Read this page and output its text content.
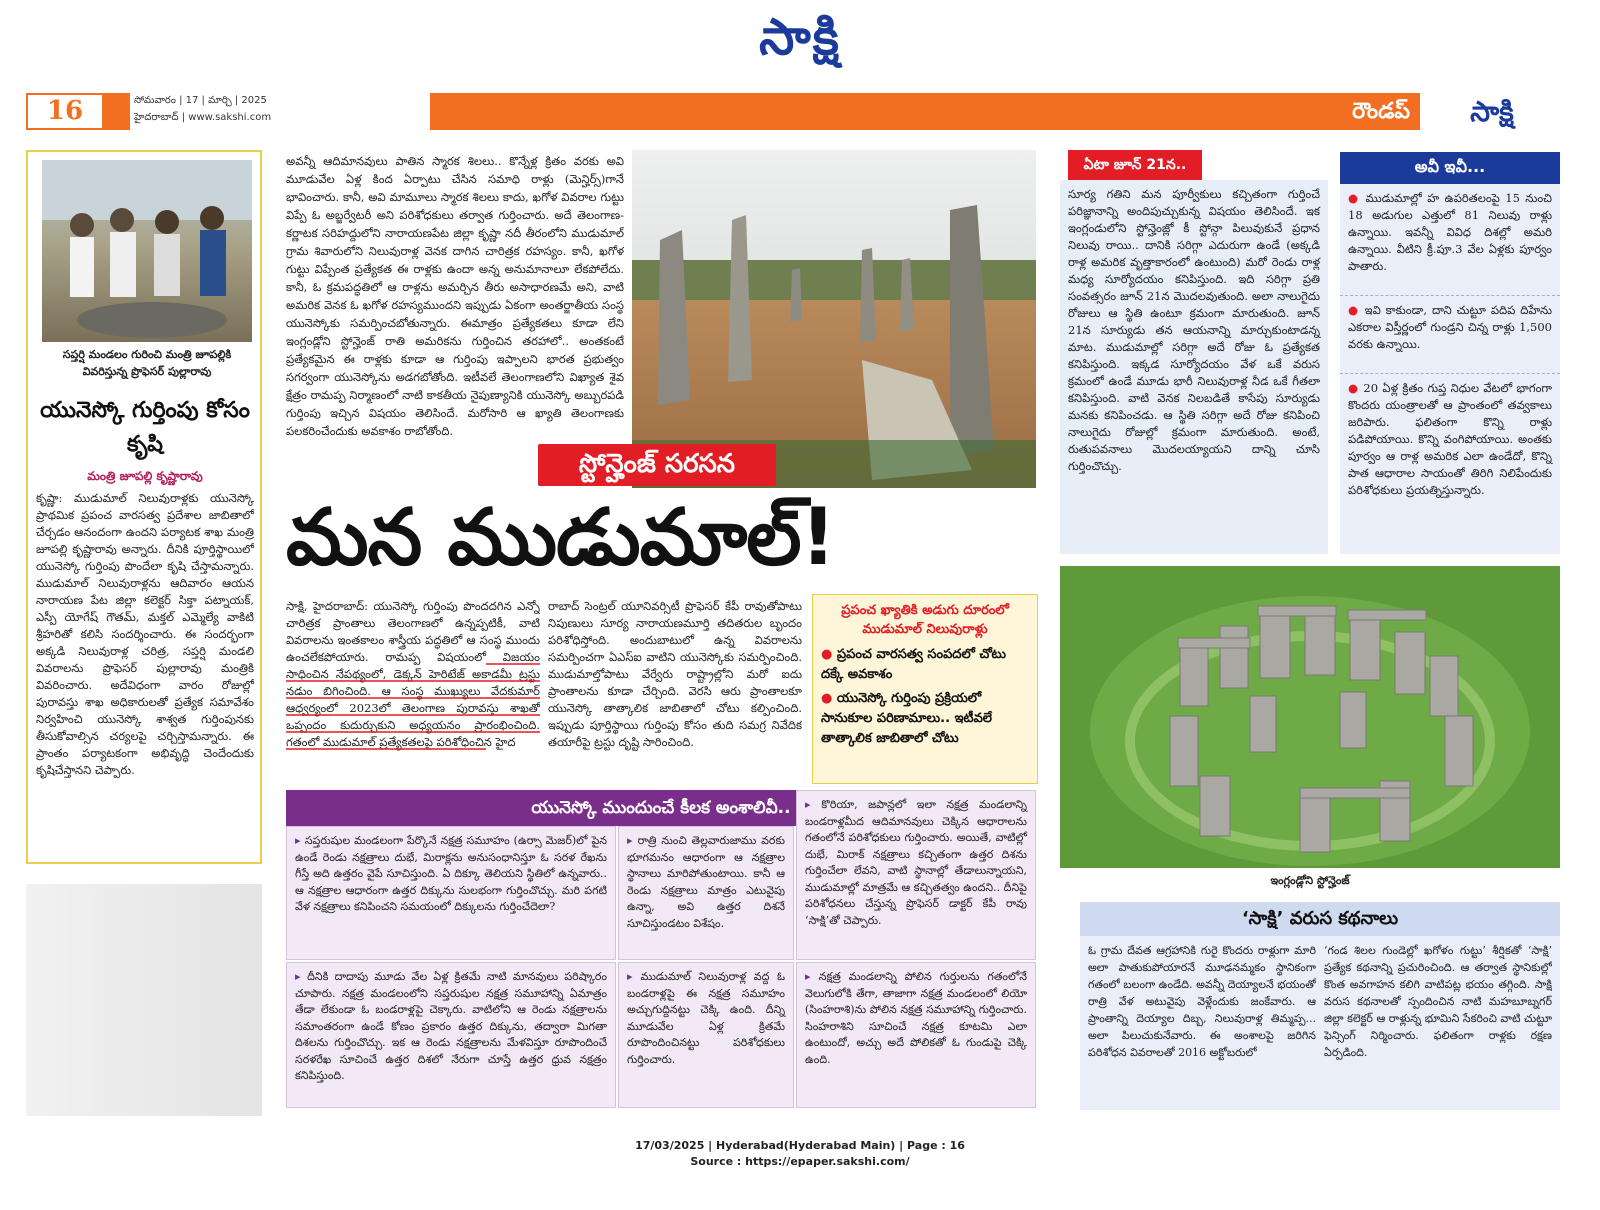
సాక్షి
16	సోమవారం | 17 | మార్చి | 2025
హైదరాబాద్ | www.sakshi.com	రౌండప్	సాక్షి
సప్తర్షి మండలం గురించి మంత్రి జూపల్లికి వివరిస్తున్న ప్రొఫెసర్ పుల్లారావు
యునెస్కో గుర్తింపు కోసం కృషి
మంత్రి జూపల్లి కృష్ణారావు
కృష్ణా: ముడుమాల్ నిలువురాళ్లకు యునెస్కో ప్రాథమిక ప్రపంచ వారసత్వ ప్రదేశాల జాబితాలో చేర్చడం ఆనందంగా ఉందని పర్యాటక శాఖ మంత్రి జూపల్లి కృష్ణారావు అన్నారు. దీనికి పూర్తిస్థాయిలో యునెస్కో గుర్తింపు పొందేలా కృషి చేస్తామన్నారు. ముడుమాల్ నిలువురాళ్లను ఆదివారం ఆయన నారాయణ పేట జిల్లా కలెక్టర్ సిక్తా పట్నాయక్, ఎస్పీ యోగేష్ గౌతమ్, మక్తల్ ఎమ్మెల్యే వాకిటి శ్రీహరితో కలిసి సందర్శించారు. ఈ సందర్భంగా అక్కడి నిలువురాళ్ల చరిత్ర, సప్తర్షి మండలి వివరాలను ప్రొఫెసర్ పుల్లారావు మంత్రికి వివరించారు. అదేవిధంగా వారం రోజుల్లో పురావస్తు శాఖ అధికారులతో ప్రత్యేక సమావేశం నిర్వహించి యునెస్కో శాశ్వత గుర్తింపునకు తీసుకోవాల్సిన చర్యలపై చర్చిస్తామన్నారు. ఈ ప్రాంతం పర్యాటకంగా అభివృద్ధి చెందేందుకు కృషిచేస్తానని చెప్పారు.
అవన్నీ ఆదిమానవులు పాతిన స్మారక శిలలు.. కొన్నేళ్ల క్రితం వరకు అవి మూడువేల ఏళ్ల కింద ఏర్పాటు చేసిన సమాధి రాళ్లు (మెన్హిర్స్)గానే భావించారు. కానీ, అవి మామూలు స్మారక శిలలు కాదు, ఖగోళ వివరాల గుట్టు విప్పే ఓ అబ్జర్వేటరీ అని పరిశోధకులు తర్వాత గుర్తించారు. అదే తెలంగాణ-కర్ణాటక సరిహద్దులోని నారాయణపేట జిల్లా కృష్ణా నదీ తీరంలోని ముడుమాల్ గ్రామ శివారులోని నిలువురాళ్ల వెనక దాగిన చారిత్రక రహస్యం. కానీ, ఖగోళ గుట్టు విప్పేంత ప్రత్యేకత ఈ రాళ్లకు ఉందా అన్న అనుమానాలూ లేకపోలేదు. కానీ, ఓ క్రమపద్ధతిలో ఆ రాళ్లను అమర్చిన తీరు అసాధారణమే అని, వాటి అమరిక వెనక ఓ ఖగోళ రహస్యముందని ఇప్పుడు ఏకంగా అంతర్జాతీయ సంస్థ యునెస్కోకు సమర్పించబోతున్నారు. ఈమాత్రం ప్రత్యేకతలు కూడా లేని ఇంగ్లండ్లోని స్టోన్హెంజ్ రాతి అమరికను గుర్తించిన తరహాలో.. అంతకంటే ప్రత్యేకమైన ఈ రాళ్లకు కూడా ఆ గుర్తింపు ఇప్పాలని భారత ప్రభుత్వం సగర్వంగా యునెస్కోను అడగబోతోంది. ఇటీవలే తెలంగాణలోని విఖ్యాత శైవ క్షేత్రం రామప్ప నిర్మాణంలో నాటి కాకతీయ నైపుణ్యానికి యునెస్కో అబ్బురపడి గుర్తింపు ఇచ్చిన విషయం తెలిసిందే. మరోసారి ఆ ఖ్యాతి తెలంగాణకు పలకరించేందుకు అవకాశం రాబోతోంది.
స్టోన్హెంజ్ సరసన
మన ముడుమాల్!
సాక్షి, హైదరాబాద్: యునెస్కో గుర్తింపు పొందదగిన ఎన్నో చారిత్రక ప్రాంతాలు తెలంగాణలో ఉన్నప్పటికీ, వాటి వివరాలను ఇంతకాలం శాస్త్రీయ పద్ధతిలో ఆ సంస్థ ముందు ఉంచలేకపోయారు. రామప్ప విషయంలో విజయం సాధించిన నేపథ్యంలో, డెక్కన్ హెరిటేజ్ అకాడమీ ట్రస్టు నడుం బిగించింది. ఆ సంస్థ ముఖ్యులు వేదకుమార్ ఆధ్వర్యంలో 2023లో తెలంగాణ పురావస్తు శాఖతో ఒప్పందం కుదుర్చుకుని అధ్యయనం ప్రారంభించింది. గతంలో ముడుమాల్ ప్రత్యేకతలపై పరిశోధించిన హైద
రాబాద్ సెంట్రల్ యూనివర్సిటీ ప్రొఫెసర్ కేపీ రావుతోపాటు నిపుణులు సూర్య నారాయణమూర్తి తదితరుల బృందం పరిశోధిస్తోంది. అందుబాటులో ఉన్న వివరాలను సమర్పించగా ఏఎస్ఐ వాటిని యునెస్కోకు సమర్పించింది. ముడుమాల్తోపాటు వేర్వేరు రాష్ట్రాల్లోని మరో ఐదు ప్రాంతాలను కూడా చేర్చింది. వెరసి ఆరు ప్రాంతాలకూ యునెస్కో తాత్కాలిక జాబితాలో చోటు కల్పించింది. ఇప్పుడు పూర్తిస్థాయి గుర్తింపు కోసం తుది సమగ్ర నివేదిక తయారీపై ట్రస్టు దృష్టి సారించింది.
ప్రపంచ ఖ్యాతికి అడుగు దూరంలో ముడుమాల్ నిలువురాళ్లు
● ప్రపంచ వారసత్వ సంపదలో చోటు దక్కే అవకాశం
● యునెస్కో గుర్తింపు ప్రక్రియలో సానుకూల పరిణామాలు.. ఇటీవలే తాత్కాలిక జాబితాలో చోటు
యునెస్కో ముందుంచే కీలక అంశాలివీ..
▸ సప్తరుషుల మండలంగా పేర్కొనే నక్షత్ర సమూహం (ఉర్సా మెజర్)లో పైన ఉండే రెండు నక్షత్రాలు దుభే, మిరాక్లను అనుసంధానిస్తూ ఓ సరళ రేఖను గీస్తే అది ఉత్తరం వైపే సూచిస్తుంది. ఏ దిక్కూ తెలియని స్థితిలో ఉన్నవారు.. ఆ నక్షత్రాల ఆధారంగా ఉత్తర దిక్కును సులభంగా గుర్తించొచ్చు. మరి పగటి వేళ నక్షత్రాలు కనిపించని సమయంలో దిక్కులను గుర్తించేదెలా?
▸ రాత్రి నుంచి తెల్లవారుజాము వరకు భూగమనం ఆధారంగా ఆ నక్షత్రాల స్థానాలు మారిపోతుంటాయి. కానీ ఆ రెండు నక్షత్రాలు మాత్రం ఎటువైపు ఉన్నా, అవి ఉత్తర దిశనే సూచిస్తుండటం విశేషం.
▸ కొరియా, జపాన్లలో ఇలా నక్షత్ర మండలాన్ని బండరాళ్లమీద ఆదిమానవులు చెక్కిన ఆధారాలను గతంలోనే పరిశోధకులు గుర్తించారు. అయితే, వాటిల్లో దుభే, మిరాక్ నక్షత్రాలు కచ్చితంగా ఉత్తర దిశను గుర్తించేలా లేవని, వాటి స్థానాల్లో తేడాలున్నాయని, ముడుమాల్లో మాత్రమే ఆ కచ్చితత్వం ఉందని.. దీనిపై పరిశోధనలు చేస్తున్న ప్రొఫెసర్ డాక్టర్ కేపీ రావు ‘సాక్షి’తో చెప్పారు.
▸ దీనికి దాదాపు మూడు వేల ఏళ్ల క్రితమే నాటి మానవులు పరిష్కారం చూపారు. నక్షత్ర మండలంలోని సప్తరుషుల నక్షత్ర సమూహాన్ని ఏమాత్రం తేడా లేకుండా ఓ బండరాళ్లపై చెక్కారు. వాటిలోని ఆ రెండు నక్షత్రాలను సమాంతరంగా ఉండే కోణం ప్రకారం ఉత్తర దిక్కును, తద్వారా మిగతా దిశలను గుర్తించొచ్చు. ఇక ఆ రెండు నక్షత్రాలను మేళవిస్తూ రూపొందించే సరళరేఖ సూచించే ఉత్తర దిశలో నేరుగా చూస్తే ఉత్తర ధ్రువ నక్షత్రం కనిపిస్తుంది.
▸ ముడుమాల్ నిలువురాళ్ల వద్ద ఓ బండరాళ్లపై ఈ నక్షత్ర సమూహం అచ్చుగుద్దినట్టు చెక్కి ఉంది. దీన్ని మూడువేల ఏళ్ల క్రితమే రూపొందించినట్టు పరిశోధకులు గుర్తించారు.
▸ నక్షత్ర మండలాన్ని పోలిన గుర్తులను గతంలోనే వెలుగులోకి తేగా, తాజాగా నక్షత్ర మండలంలో లియో (సింహరాశి)ను పోలిన నక్షత్ర సమూహాన్ని గుర్తించారు. సింహరాశిని సూచించే నక్షత్ర కూటమి ఎలా ఉంటుందో, అచ్చు అదే పోలికతో ఓ గుండుపై చెక్కి ఉంది.
ఏటా జూన్ 21న..
సూర్య గతిని మన పూర్వీకులు కచ్చితంగా గుర్తించే పరిజ్ఞానాన్ని అందిపుచ్చుకున్న విషయం తెలిసిందే. ఇక ఇంగ్లండులోని స్టోన్హెంజ్లో కీ స్టోన్గా పిలువుకునే ప్రధాన నిలువు రాయి.. దానికి సరిగ్గా ఎదురుగా ఉండే (అక్కడి రాళ్ల అమరిక వృత్తాకారంలో ఉంటుంది) మరో రెండు రాళ్ల మధ్య సూర్యోదయం కనిపిస్తుంది. ఇది సరిగ్గా ప్రతి సంవత్సరం జూన్ 21న మొదలవుతుంది. అలా నాలుగైదు రోజులు ఆ స్థితి ఉంటూ క్రమంగా మారుతుంది. జూన్ 21న సూర్యుడు తన ఆయనాన్ని మార్చుకుంటాడన్న మాట. ముడుమాల్లో సరిగ్గా అదే రోజు ఓ ప్రత్యేకత కనిపిస్తుంది. ఇక్కడ సూర్యోదయం వేళ ఒకే వరుస క్రమంలో ఉండే మూడు భారీ నిలువురాళ్ల నీడ ఒకే గీతలా కనిపిస్తుంది. వాటి వెనక నిలబడితే కాసేపు సూర్యుడు మనకు కనిపించడు. ఆ స్థితి సరిగ్గా అదే రోజు కనిపించి నాలుగైదు రోజుల్లో క్రమంగా మారుతుంది. అంటే, రుతుపవనాలు మొదలయ్యాయని దాన్ని చూసి గుర్తించొచ్చు.
అవీ ఇవీ...
● ముడుమాల్లో హ ఉపరితలంపై 15 నుంచి 18 అడుగుల ఎత్తులో 81 నిలువు రాళ్లు ఉన్నాయి. ఇవన్నీ వివిధ దిశల్లో అమరి ఉన్నాయి. వీటిని క్రీ.పూ.3 వేల ఏళ్లకు పూర్వం పాతారు.
● ఇవి కాకుండా, దాని చుట్టూ పదిప దిహేను ఎకరాల విస్తీర్ణంలో గుండ్రని చిన్న రాళ్లు 1,500 వరకు ఉన్నాయి.
● 20 ఏళ్ల క్రితం గుప్త నిధుల వేటలో భాగంగా కొందరు యంత్రాలతో ఆ ప్రాంతంలో తవ్వకాలు జరిపారు. ఫలితంగా కొన్ని రాళ్లు పడిపోయాయి. కొన్ని వంగిపోయాయి. అంతకు పూర్వం ఆ రాళ్ల అమరిక ఎలా ఉండేదో, కొన్ని పాత ఆధారాల సాయంతో తిరిగి నిలిపేందుకు పరిశోధకులు ప్రయత్నిస్తున్నారు.
ఇంగ్లండ్లోని స్టోన్హెంజ్
‘సాక్షి’ వరుస కథనాలు
ఓ గ్రామ దేవత ఆగ్రహానికి గురై కొందరు రాళ్లుగా మారి అలా పాతుకుపోయారనే మూఢనమ్మకం స్థానికంగా గతంలో బలంగా ఉండేది. అవన్నీ దెయ్యాలనే భయంతో రాత్రి వేళ అటువైపు వెళ్లేందుకు జంకేవారు. ఆ ప్రాంతాన్ని దెయ్యాల దిబ్బ, నిలువురాళ్ల తిమ్మప్ప... అలా పిలుచుకునేవారు. ఈ అంశాలపై జరిగిన పరిశోధన వివరాలతో 2016 అక్టోబరులో
‘గండ శిలల గుండెల్లో ఖగోళం గుట్టు’ శీర్షికతో ‘సాక్షి’ ప్రత్యేక కథనాన్ని ప్రచురించింది. ఆ తర్వాత స్థానికుల్లో కొంత అవగాహన కలిగి వాటిపట్ల భయం తగ్గింది. సాక్షి వరుస కథనాలతో స్పందించిన నాటి మహబూబ్నగర్ జిల్లా కలెక్టర్ ఆ రాళ్లున్న భూమిని సేకరించి వాటి చుట్టూ ఫెన్సింగ్ నిర్మించారు. ఫలితంగా రాళ్లకు రక్షణ ఏర్పడింది.
17/03/2025 | Hyderabad(Hyderabad Main) | Page : 16
Source : https://epaper.sakshi.com/
